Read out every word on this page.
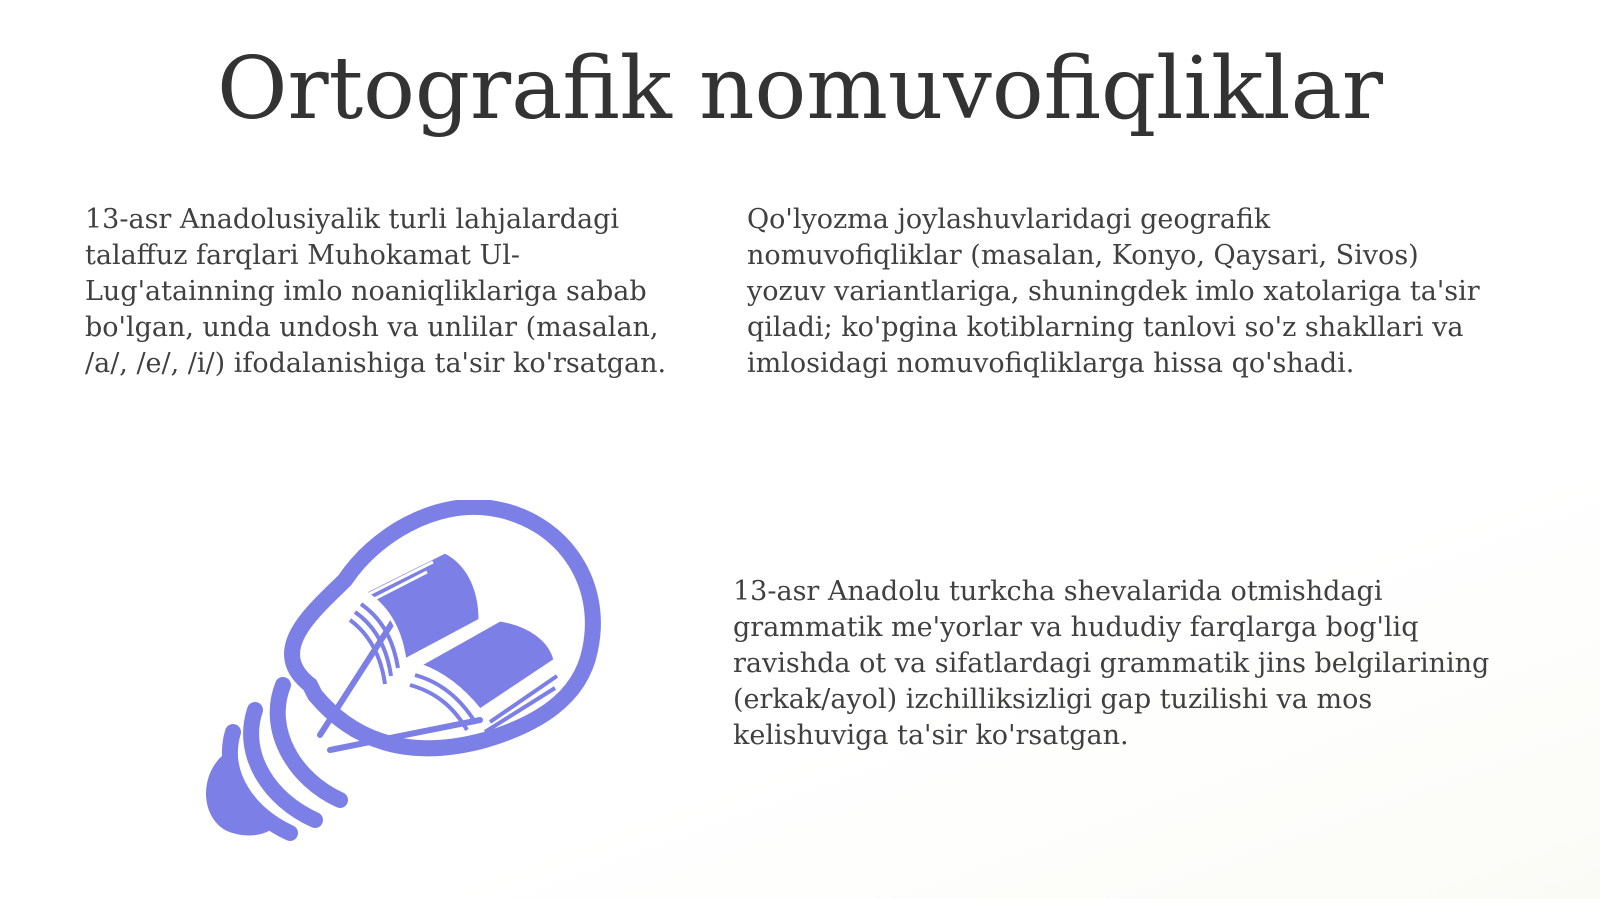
Ortografik nomuvofiqliklar

13-asr Anadolusiyalik turli lahjalardagi talaffuz farqlari Muhokamat Ul-Lug'atainning imlo noaniqliklariga sabab bo'lgan, unda undosh va unlilar (masalan, /a/, /e/, /i/) ifodalanishiga ta'sir ko'rsatgan.

Qo'lyozma joylashuvlaridagi geografik nomuvofiqliklar (masalan, Konyo, Qaysari, Sivos) yozuv variantlariga, shuningdek imlo xatolariga ta'sir qiladi; ko'pgina kotiblarning tanlovi so'z shakllari va imlosidagi nomuvofiqliklarga hissa qo'shadi.

13-asr Anadolu turkcha shevalarida otmishdagi grammatik me'yorlar va hududiy farqlarga bog'liq ravishda ot va sifatlardagi grammatik jins belgilarining (erkak/ayol) izchilliksizligi gap tuzilishi va mos kelishuviga ta'sir ko'rsatgan.
